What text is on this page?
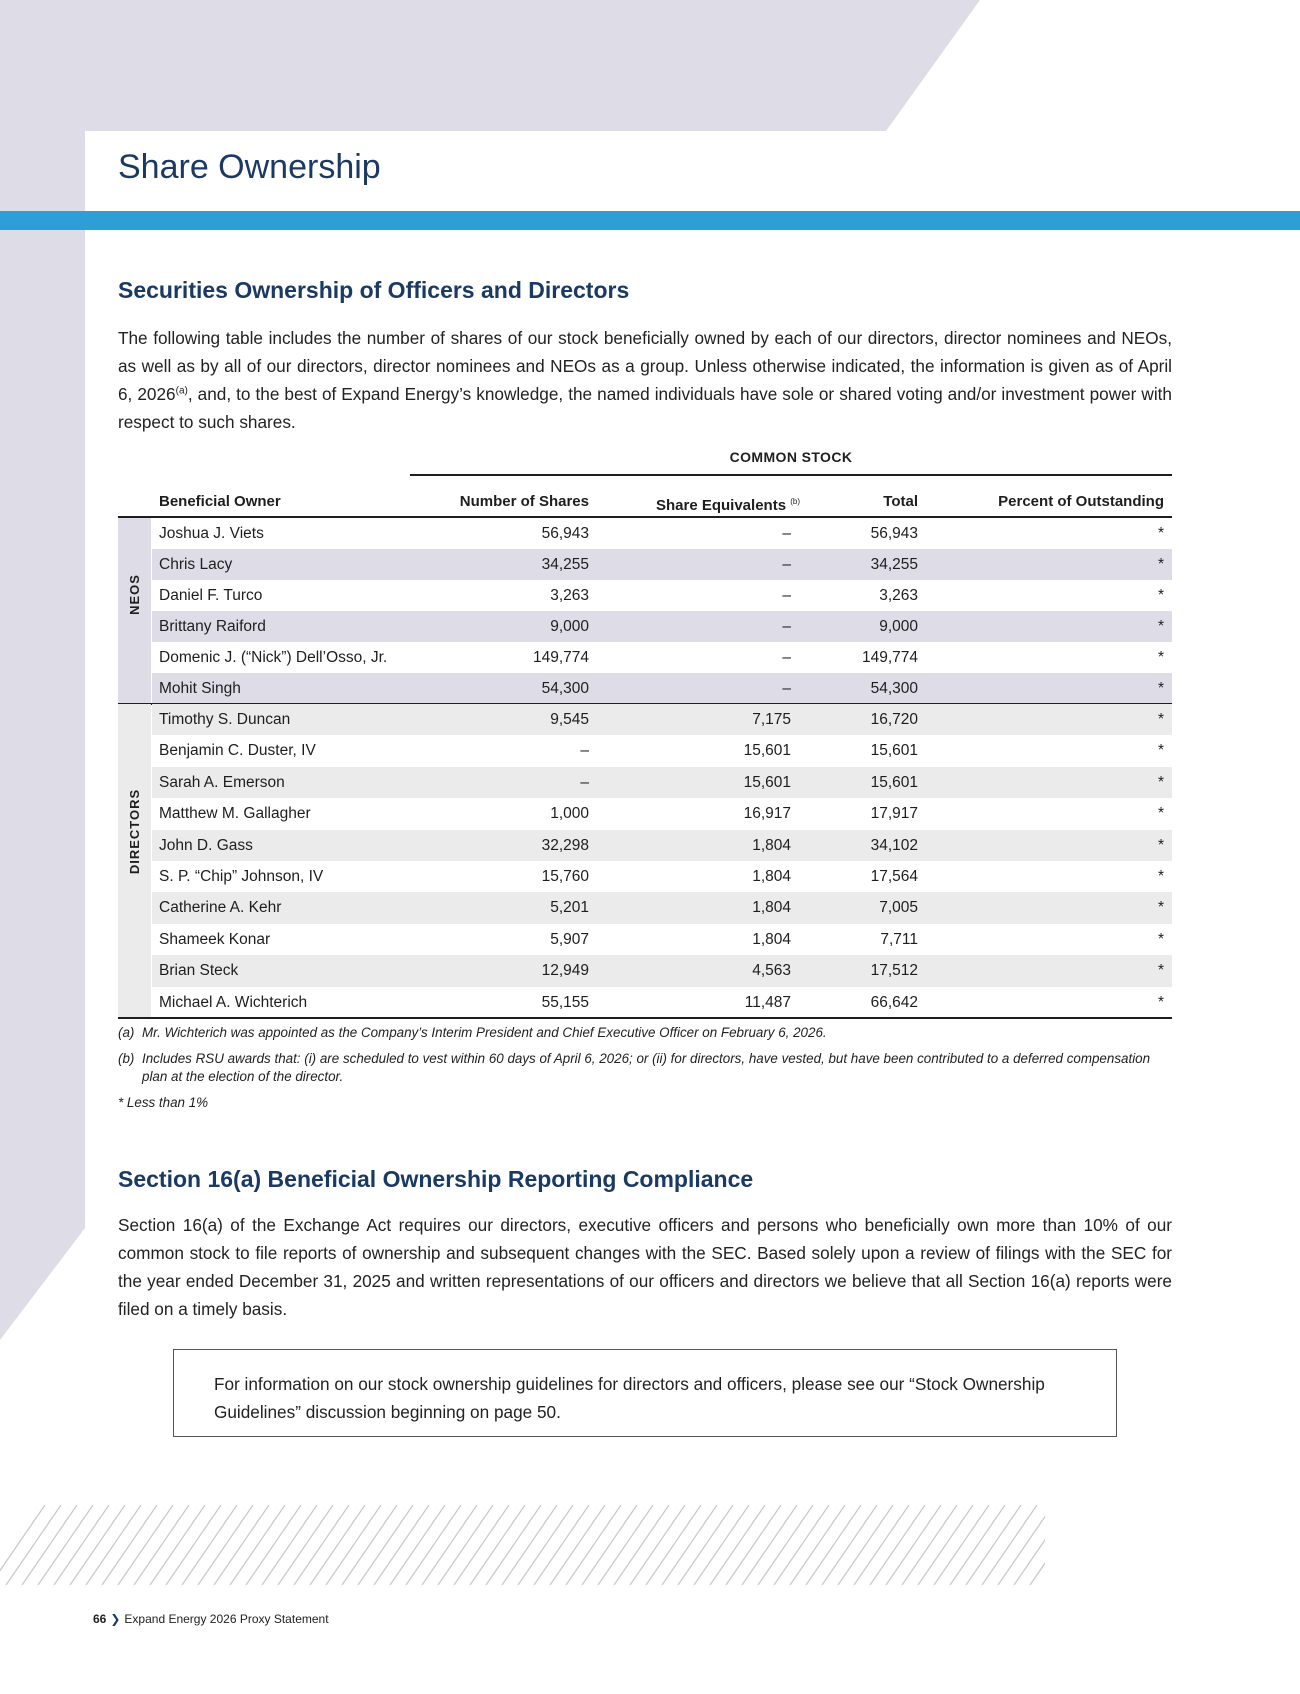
Share Ownership
Securities Ownership of Officers and Directors

The following table includes the number of shares of our stock beneficially owned by each of our directors, director nominees and NEOs, as well as by all of our directors, director nominees and NEOs as a group. Unless otherwise indicated, the information is given as of April 6, 2026$^{(a)}$, and, to the best of Expand Energy’s knowledge, the named individuals have sole or shared voting and/or investment power with respect to such shares.

COMMON STOCK
Beneficial Owner	Number of Shares	Share Equivalents $^{(b)}$	Total	Percent of Outstanding
Joshua J. Viets	56,943	–	56,943	*
Chris Lacy	34,255	–	34,255	*
Daniel F. Turco	3,263	–	3,263	*
Brittany Raiford	9,000	–	9,000	*
Domenic J. (“Nick”) Dell’Osso, Jr.	149,774	–	149,774	*
Mohit Singh	54,300	–	54,300	*
NEOS
Timothy S. Duncan	9,545	7,175	16,720	*
Benjamin C. Duster, IV	–	15,601	15,601	*
Sarah A. Emerson	–	15,601	15,601	*
Matthew M. Gallagher	1,000	16,917	17,917	*
John D. Gass	32,298	1,804	34,102	*
S. P. “Chip” Johnson, IV	15,760	1,804	17,564	*
Catherine A. Kehr	5,201	1,804	7,005	*
Shameek Konar	5,907	1,804	7,711	*
Brian Steck	12,949	4,563	17,512	*
Michael A. Wichterich	55,155	11,487	66,642	*
DIRECTORS
(a) Mr. Wichterich was appointed as the Company’s Interim President and Chief Executive Officer on February 6, 2026.
(b) Includes RSU awards that: (i) are scheduled to vest within 60 days of April 6, 2026; or (ii) for directors, have vested, but have been contributed to a deferred compensation plan at the election of the director.
* Less than 1%
Section 16(a) Beneficial Ownership Reporting Compliance

Section 16(a) of the Exchange Act requires our directors, executive officers and persons who beneficially own more than 10% of our common stock to file reports of ownership and subsequent changes with the SEC. Based solely upon a review of filings with the SEC for the year ended December 31, 2025 and written representations of our officers and directors we believe that all Section 16(a) reports were filed on a timely basis.

For information on our stock ownership guidelines for directors and officers, please see our “Stock Ownership Guidelines” discussion beginning on page 50.
66 ❯ Expand Energy 2026 Proxy Statement
